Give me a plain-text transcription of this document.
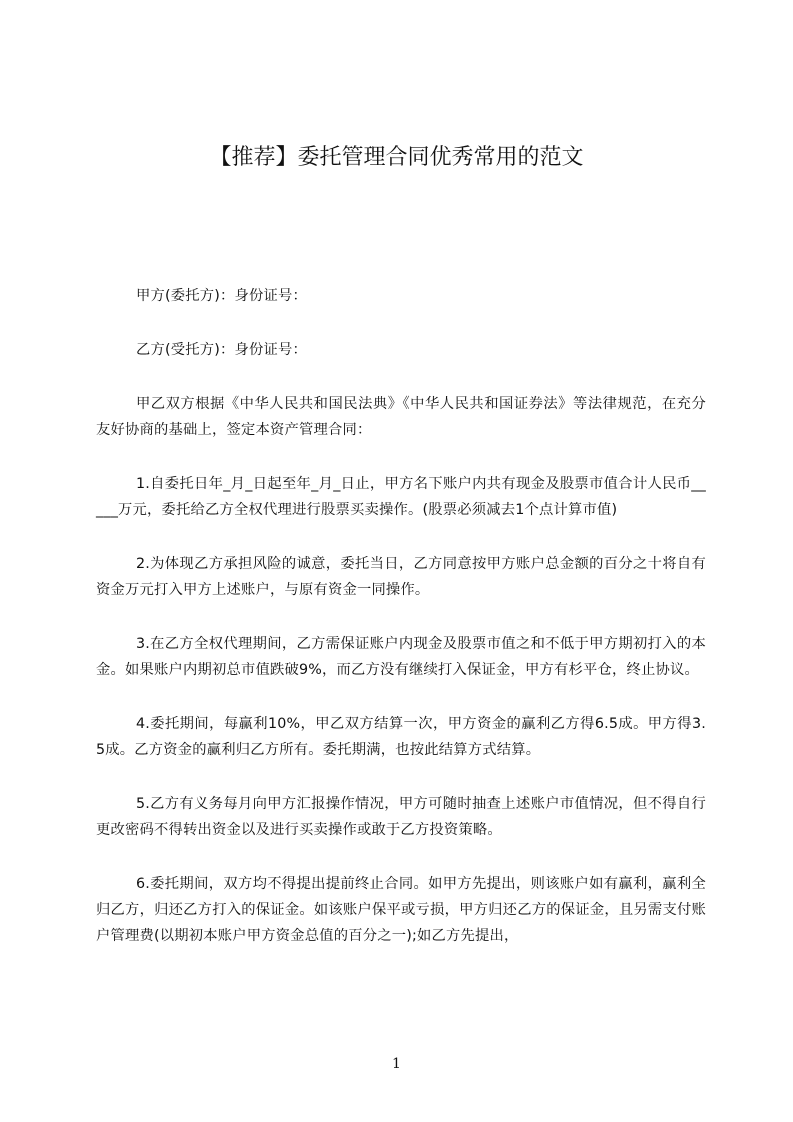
【推荐】委托管理合同优秀常用的范文

甲方(委托方)：身份证号：

乙方(受托方)：身份证号：

甲乙双方根据《中华人民共和国民法典》《中华人民共和国证券法》等法律规范，在充分友好协商的基础上，签定本资产管理合同：

1.自委托日年_月_日起至年_月_日止，甲方名下账户内共有现金及股票市值合计人民币_____万元，委托给乙方全权代理进行股票买卖操作。(股票必须减去1个点计算市值)

2.为体现乙方承担风险的诚意，委托当日，乙方同意按甲方账户总金额的百分之十将自有资金万元打入甲方上述账户，与原有资金一同操作。

3.在乙方全权代理期间，乙方需保证账户内现金及股票市值之和不低于甲方期初打入的本金。如果账户内期初总市值跌破9%，而乙方没有继续打入保证金，甲方有杉平仓，终止协议。

4.委托期间，每赢利10%，甲乙双方结算一次，甲方资金的赢利乙方得6.5成。甲方得3.5成。乙方资金的赢利归乙方所有。委托期满，也按此结算方式结算。

5.乙方有义务每月向甲方汇报操作情况，甲方可随时抽查上述账户市值情况，但不得自行更改密码不得转出资金以及进行买卖操作或敢于乙方投资策略。

6.委托期间，双方均不得提出提前终止合同。如甲方先提出，则该账户如有赢利，赢利全归乙方，归还乙方打入的保证金。如该账户保平或亏损，甲方归还乙方的保证金，且另需支付账户管理费(以期初本账户甲方资金总值的百分之一);如乙方先提出，

1
